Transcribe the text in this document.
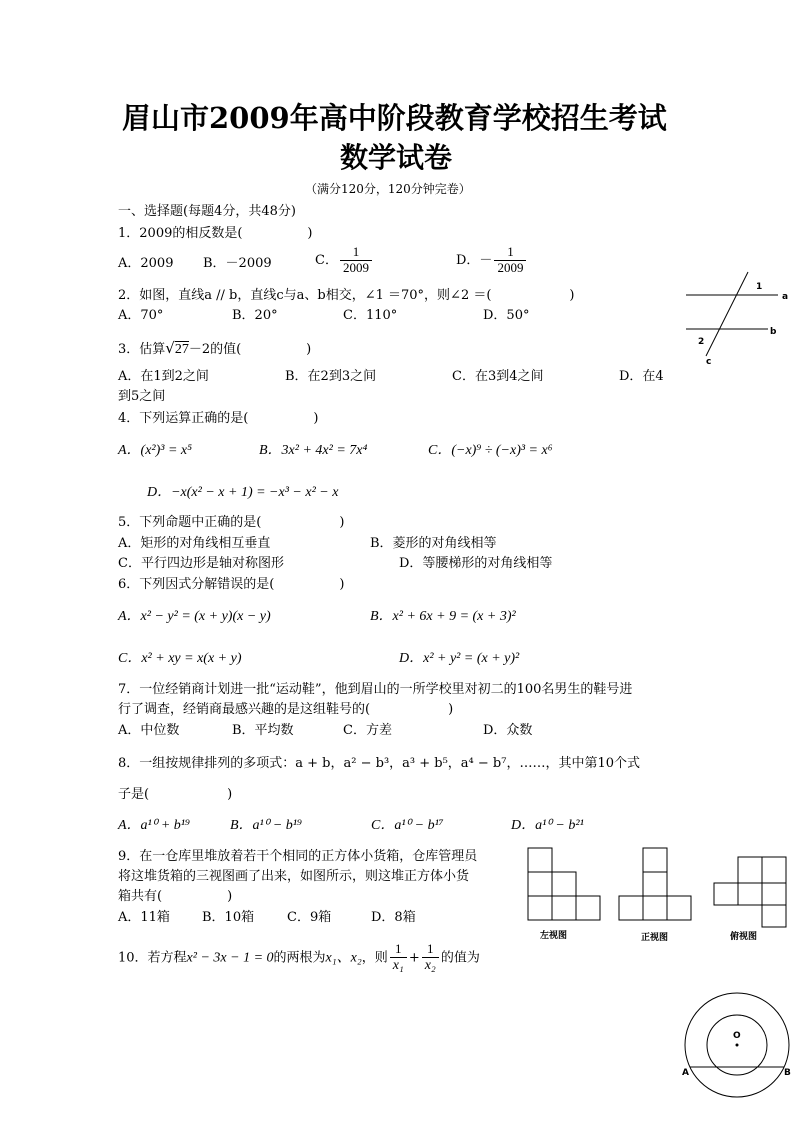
眉山市2009年高中阶段教育学校招生考试
数学试卷
（满分120分，120分钟完卷）
一、选择题(每题4分，共48分)
1．2009的相反数是(　　　　　)
A．2009 B．－2009	C． $\frac{1}{2009}$	D．－ $\frac{1}{2009}$
2．如图，直线a // b，直线c与a、b相交，∠1 ＝70°，则∠2 ＝(　　　　　　)
A．70°	B．20°	C．110°	D．50°
1
2
a
b
c
3．估算√27－2的值(　　　　　)
A．在1到2之间	B．在2到3之间	C．在3到4之间	D．在4
到5之间
4．下列运算正确的是(　　　　　)
A．(x²)³ = x⁵	B．3x² + 4x² = 7x⁴	C．(−x)⁹ ÷ (−x)³ = x⁶
D．−x(x² − x + 1) = −x³ − x² − x
5．下列命题中正确的是(　　　　　　)
A．矩形的对角线相互垂直	B．菱形的对角线相等
C．平行四边形是轴对称图形	D．等腰梯形的对角线相等
6．下列因式分解错误的是(　　　　　)
A．x² − y² = (x + y)(x − y)	B．x² + 6x + 9 = (x + 3)²
C．x² + xy = x(x + y)	D．x² + y² = (x + y)²
7．一位经销商计划进一批“运动鞋”，他到眉山的一所学校里对初二的100名男生的鞋号进
行了调查，经销商最感兴趣的是这组鞋号的(　　　　　　)
A．中位数	B．平均数	C．方差	D．众数
8．一组按规律排列的多项式：a + b，a² − b³，a³ + b⁵，a⁴ − b⁷，……，其中第10个式
子是(　　　　　　)
A．a¹⁰ + b¹⁹	B．a¹⁰ − b¹⁹	C．a¹⁰ − b¹⁷	D．a¹⁰ − b²¹
9．在一仓库里堆放着若干个相同的正方体小货箱，仓库管理员
将这堆货箱的三视图画了出来，如图所示，则这堆正方体小货
箱共有(　　　　　)
A．11箱 B．10箱	C．9箱	D．8箱
左视图	正视图	俯视图
10．若方程x² − 3x − 1 = 0的两根为x₁、x₂，则 $\frac{1}{\text{x₁}} + \frac{1}{\text{x₂}}$ 的值为
O
A	B
